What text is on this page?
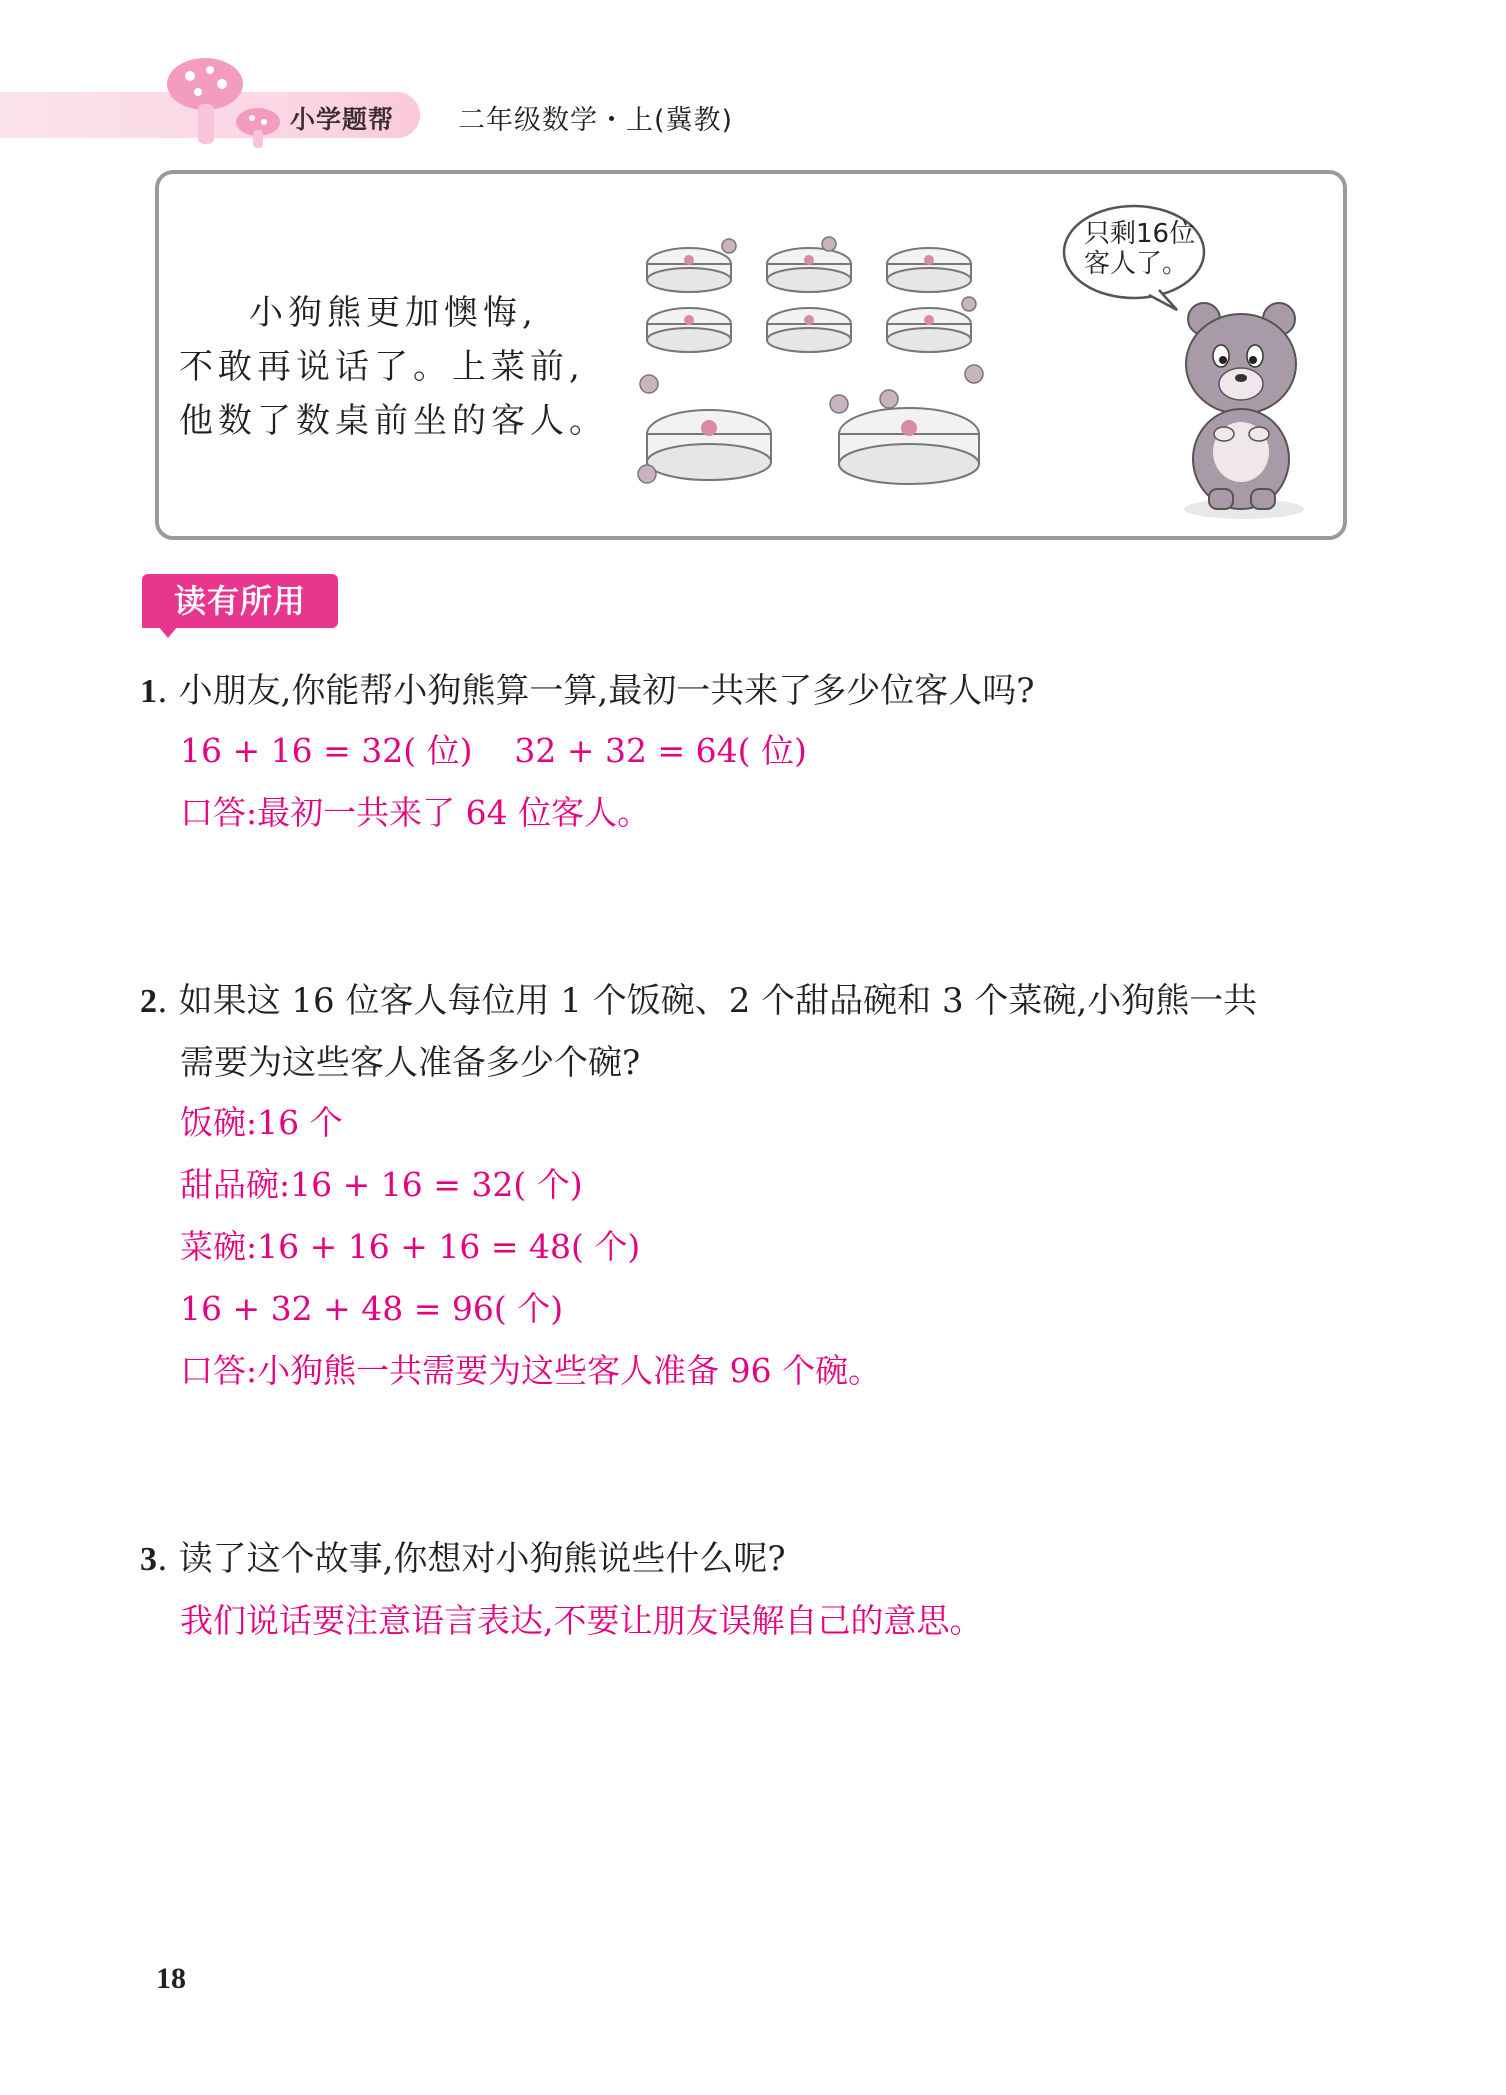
小学题帮 二年级数学・上(冀教)
小狗熊更加懊悔,
不敢再说话了。上菜前,
他数了数桌前坐的客人。
只剩16位
客人了。
读有所用
1. 小朋友,你能帮小狗熊算一算,最初一共来了多少位客人吗?
16 + 16 = 32( 位)    32 + 32 = 64( 位)
口答:最初一共来了 64 位客人。
2. 如果这 16 位客人每位用 1 个饭碗、2 个甜品碗和 3 个菜碗,小狗熊一共
需要为这些客人准备多少个碗?
饭碗:16 个
甜品碗:16 + 16 = 32( 个)
菜碗:16 + 16 + 16 = 48( 个)
16 + 32 + 48 = 96( 个)
口答:小狗熊一共需要为这些客人准备 96 个碗。
3. 读了这个故事,你想对小狗熊说些什么呢?
我们说话要注意语言表达,不要让朋友误解自己的意思。
18
